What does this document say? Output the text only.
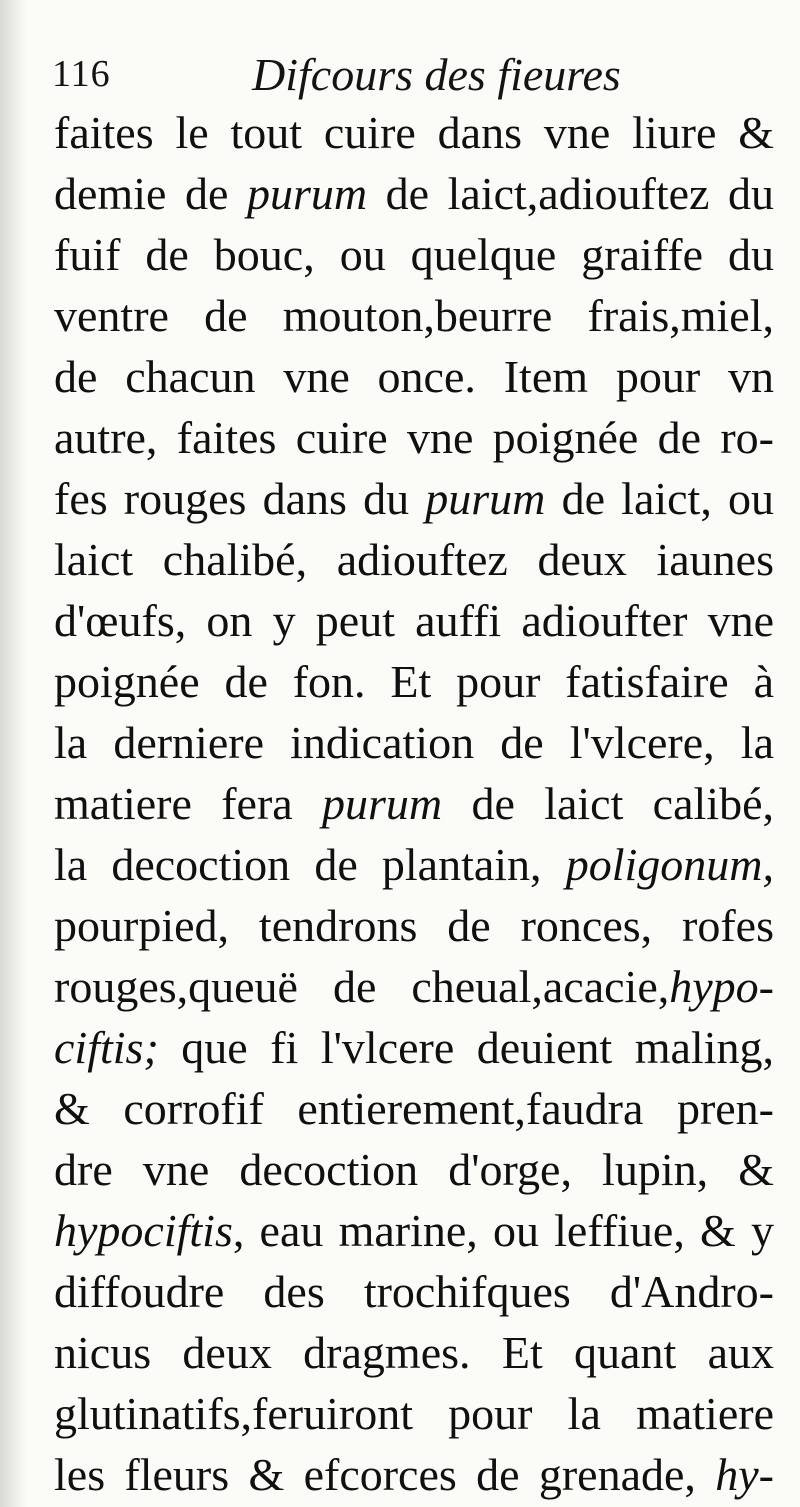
116	Difcours des fieures
faites le tout cuire dans vne liure &
demie de purum de laict,adiouftez du
fuif de bouc, ou quelque graiffe du
ventre de mouton,beurre frais,miel,
de chacun vne once. Item pour vn
autre, faites cuire vne poignée de ro-
fes rouges dans du purum de laict, ou
laict chalibé, adiouftez deux iaunes
d'œufs, on y peut auffi adioufter vne
poignée de fon. Et pour fatisfaire à
la derniere indication de l'vlcere, la
matiere fera purum de laict calibé,
la decoction de plantain, poligonum,
pourpied, tendrons de ronces, rofes
rouges,queuë de cheual,acacie,hypo-
ciftis; que fi l'vlcere deuient maling,
& corrofif entierement,faudra pren-
dre vne decoction d'orge, lupin, &
hypociftis, eau marine, ou leffiue, & y
diffoudre des trochifques d'Andro-
nicus deux dragmes. Et quant aux
glutinatifs,feruiront pour la matiere
les fleurs & efcorces de grenade, hy-
